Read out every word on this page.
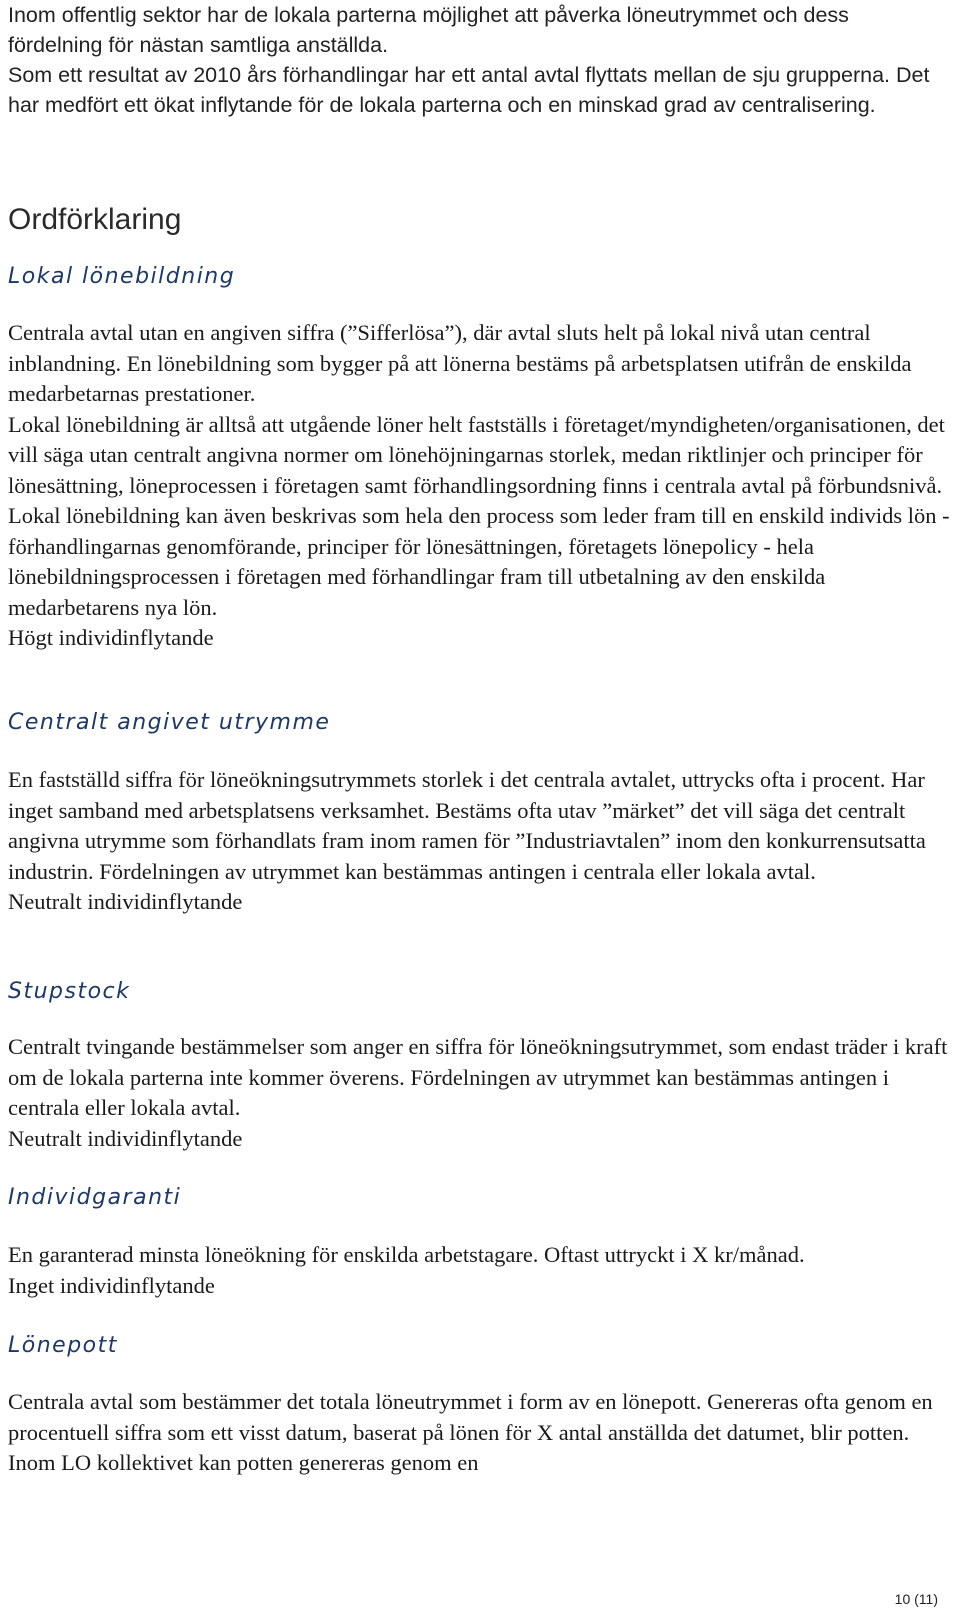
Inom offentlig sektor har de lokala parterna möjlighet att påverka löneutrymmet och dess fördelning för nästan samtliga anställda.

Som ett resultat av 2010 års förhandlingar har ett antal avtal flyttats mellan de sju grupperna. Det har medfört ett ökat inflytande för de lokala parterna och en minskad grad av centralisering.

Ordförklaring
Lokal lönebildning

Centrala avtal utan en angiven siffra (”Sifferlösa”), där avtal sluts helt på lokal nivå utan central inblandning. En lönebildning som bygger på att lönerna bestäms på arbetsplatsen utifrån de enskilda medarbetarnas prestationer.

Lokal lönebildning är alltså att utgående löner helt fastställs i företaget/myndigheten/organisationen, det vill säga utan centralt angivna normer om lönehöjningarnas storlek, medan riktlinjer och principer för lönesättning, löneprocessen i företagen samt förhandlingsordning finns i centrala avtal på förbundsnivå.

Lokal lönebildning kan även beskrivas som hela den process som leder fram till en enskild individs lön - förhandlingarnas genomförande, principer för lönesättningen, företagets lönepolicy - hela lönebildningsprocessen i företagen med förhandlingar fram till utbetalning av den enskilda medarbetarens nya lön.

Högt individinflytande

Centralt angivet utrymme

En fastställd siffra för löneökningsutrymmets storlek i det centrala avtalet, uttrycks ofta i procent. Har inget samband med arbetsplatsens verksamhet. Bestäms ofta utav ”märket” det vill säga det centralt angivna utrymme som förhandlats fram inom ramen för ”Industriavtalen” inom den konkurrensutsatta industrin. Fördelningen av utrymmet kan bestämmas antingen i centrala eller lokala avtal.

Neutralt individinflytande

Stupstock

Centralt tvingande bestämmelser som anger en siffra för löneökningsutrymmet, som endast träder i kraft om de lokala parterna inte kommer överens. Fördelningen av utrymmet kan bestämmas antingen i centrala eller lokala avtal.

Neutralt individinflytande

Individgaranti

En garanterad minsta löneökning för enskilda arbetstagare. Oftast uttryckt i X kr/månad.

Inget individinflytande

Lönepott

Centrala avtal som bestämmer det totala löneutrymmet i form av en lönepott. Genereras ofta genom en procentuell siffra som ett visst datum, baserat på lönen för X antal anställda det datumet, blir potten. Inom LO kollektivet kan potten genereras genom en

10 (11)
